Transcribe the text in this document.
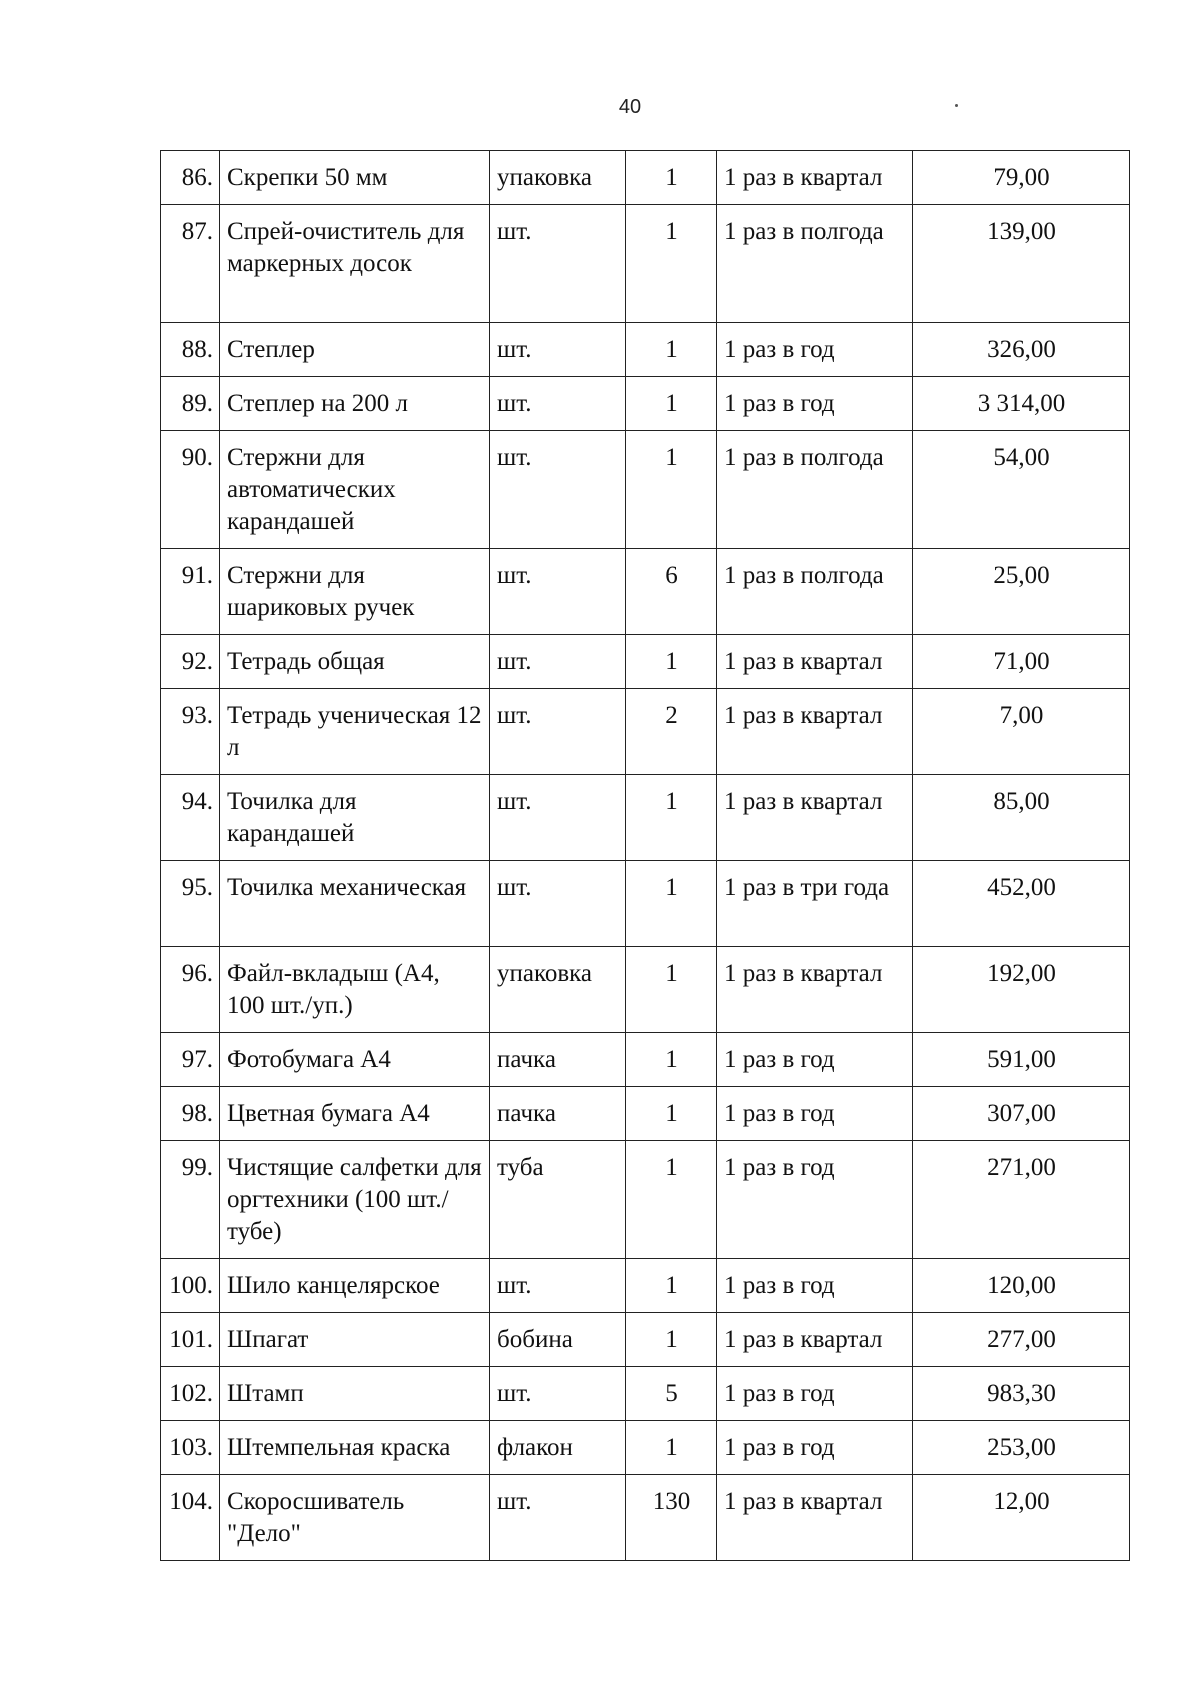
40
86.	Скрепки 50 мм	упаковка	1	1 раз в квартал	79,00
87.	Спрей-очиститель для маркерных досок	шт.	1	1 раз в полгода	139,00
88.	Степлер	шт.	1	1 раз в год	326,00
89.	Степлер на 200 л	шт.	1	1 раз в год	3 314,00
90.	Стержни для автоматических карандашей	шт.	1	1 раз в полгода	54,00
91.	Стержни для шариковых ручек	шт.	6	1 раз в полгода	25,00
92.	Тетрадь общая	шт.	1	1 раз в квартал	71,00
93.	Тетрадь ученическая 12 л	шт.	2	1 раз в квартал	7,00
94.	Точилка для карандашей	шт.	1	1 раз в квартал	85,00
95.	Точилка механическая	шт.	1	1 раз в три года	452,00
96.	Файл-вкладыш (А4, 100 шт./уп.)	упаковка	1	1 раз в квартал	192,00
97.	Фотобумага А4	пачка	1	1 раз в год	591,00
98.	Цветная бумага А4	пачка	1	1 раз в год	307,00
99.	Чистящие салфетки для оргтехники (100 шт./тубе)	туба	1	1 раз в год	271,00
100.	Шило канцелярское	шт.	1	1 раз в год	120,00
101.	Шпагат	бобина	1	1 раз в квартал	277,00
102.	Штамп	шт.	5	1 раз в год	983,30
103.	Штемпельная краска	флакон	1	1 раз в год	253,00
104.	Скоросшиватель "Дело"	шт.	130	1 раз в квартал	12,00
